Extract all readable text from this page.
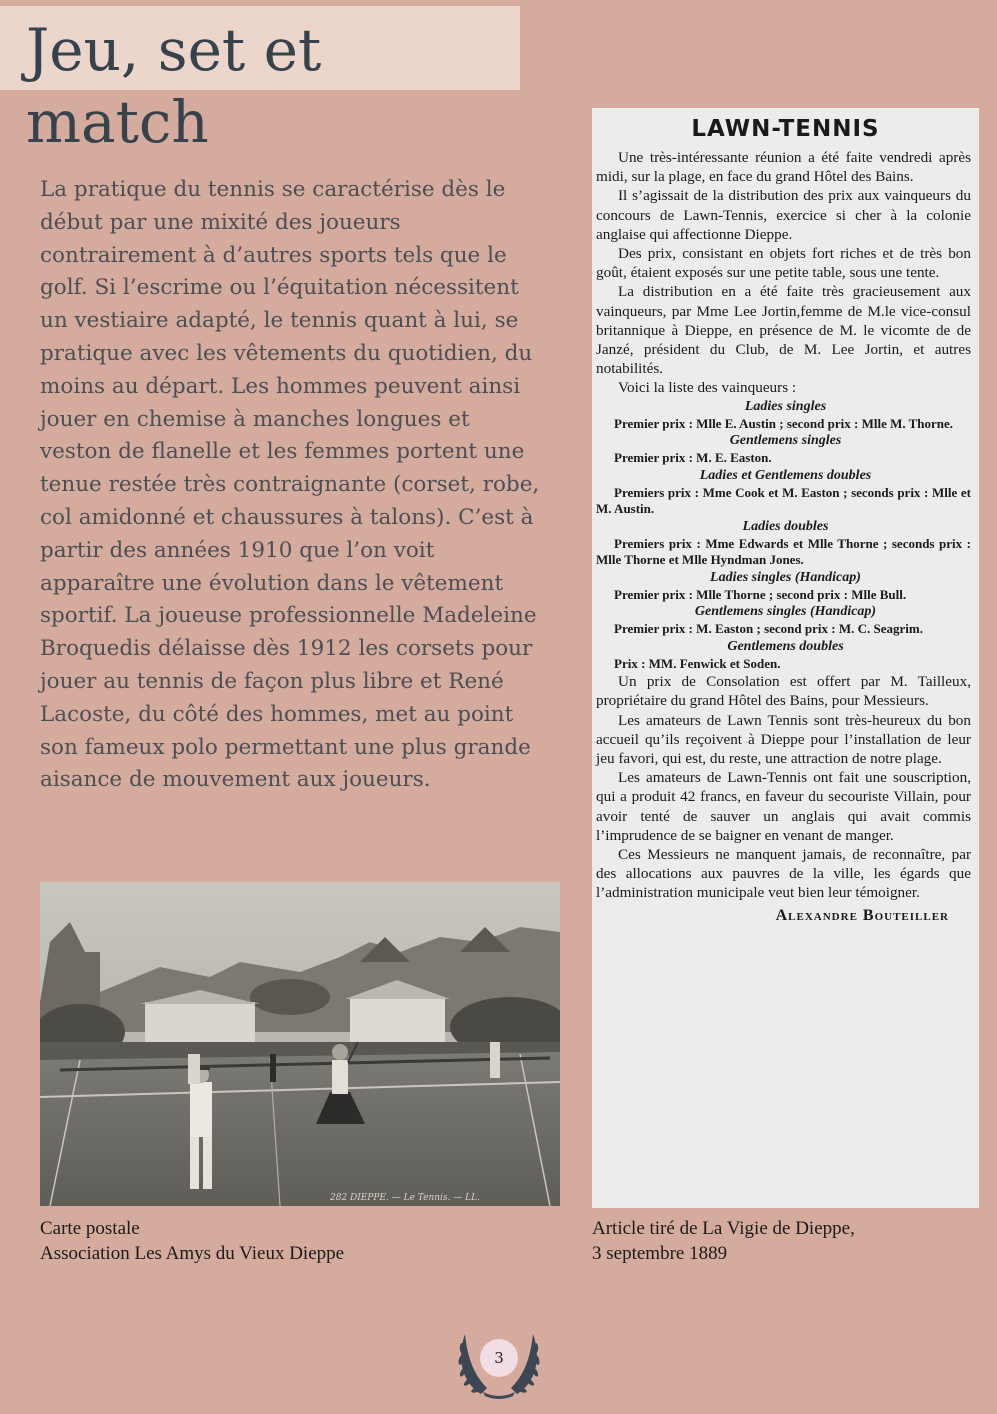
Jeu, set et match

La pratique du tennis se caractérise dès le début par une mixité des joueurs contrairement à d’autres sports tels que le golf. Si l’escrime ou l’équitation nécessitent un vestiaire adapté, le tennis quant à lui, se pratique avec les vêtements du quotidien, du moins au départ. Les hommes peuvent ainsi jouer en chemise à manches longues et veston de flanelle et les femmes portent une tenue restée très contraignante (corset, robe, col amidonné et chaussures à talons). C’est à partir des années 1910 que l’on voit apparaître une évolution dans le vêtement sportif. La joueuse professionnelle Madeleine Broquedis délaisse dès 1912 les corsets pour jouer au tennis de façon plus libre et René Lacoste, du côté des hommes, met au point son fameux polo permettant une plus grande aisance de mouvement aux joueurs.

282 DIEPPE. — Le Tennis. — LL.

Carte postale
Association Les Amys du Vieux Dieppe

LAWN-TENNIS

Une très-intéressante réunion a été faite vendredi après midi, sur la plage, en face du grand Hôtel des Bains.

Il s’agissait de la distribution des prix aux vainqueurs du concours de Lawn-Tennis, exercice si cher à la colonie anglaise qui affectionne Dieppe.

Des prix, consistant en objets fort riches et de très bon goût, étaient exposés sur une petite table, sous une tente.

La distribution en a été faite très gracieusement aux vainqueurs, par Mme Lee Jortin,femme de M.le vice-consul britannique à Dieppe, en présence de M. le vicomte de de Janzé, président du Club, de M. Lee Jortin, et autres notabilités.

Voici la liste des vainqueurs :

Ladies singles

Premier prix : Mlle E. Austin ; second prix : Mlle M. Thorne.

Gentlemens singles

Premier prix : M. E. Easton.

Ladies et Gentlemens doubles

Premiers prix : Mme Cook et M. Easton ; seconds prix : Mlle et M. Austin.

Ladies doubles

Premiers prix : Mme Edwards et Mlle Thorne ; seconds prix : Mlle Thorne et Mlle Hyndman Jones.

Ladies singles (Handicap)

Premier prix : Mlle Thorne ; second prix : Mlle Bull.

Gentlemens singles (Handicap)

Premier prix : M. Easton ; second prix : M. C. Seagrim.

Gentlemens doubles

Prix : MM. Fenwick et Soden.

Un prix de Consolation est offert par M. Tailleux, propriétaire du grand Hôtel des Bains, pour Messieurs.

Les amateurs de Lawn Tennis sont très-heureux du bon accueil qu’ils reçoivent à Dieppe pour l’installation de leur jeu favori, qui est, du reste, une attraction de notre plage.

Les amateurs de Lawn-Tennis ont fait une souscription, qui a produit 42 francs, en faveur du secouriste Villain, pour avoir tenté de sauver un anglais qui avait commis l’imprudence de se baigner en venant de manger.

Ces Messieurs ne manquent jamais, de reconnaître, par des allocations aux pauvres de la ville, les égards que l’administration municipale veut bien leur témoigner.

Alexandre Bouteiller

Article tiré de La Vigie de Dieppe,
3 septembre 1889

3
